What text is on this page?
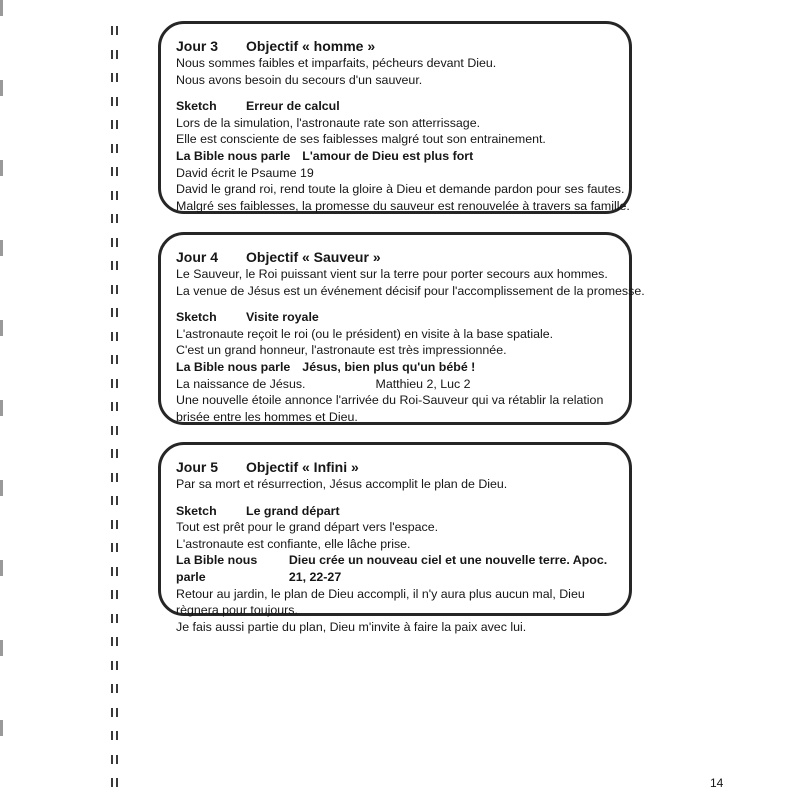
Jour 3	Objectif « homme »
Nous sommes faibles et imparfaits, pécheurs devant Dieu.
Nous avons besoin du secours d'un sauveur.
Sketch	Erreur de calcul
Lors de la simulation, l'astronaute rate son atterrissage.
Elle est consciente de ses faiblesses malgré tout son entrainement.
La Bible nous parle L'amour de Dieu est plus fort
David écrit le Psaume 19
David le grand roi, rend toute la gloire à Dieu et demande pardon pour ses fautes.
Malgré ses faiblesses, la promesse du sauveur est renouvelée à travers sa famille.
Jour 4	Objectif « Sauveur »
Le Sauveur, le Roi puissant vient sur la terre pour porter secours aux hommes.
La venue de Jésus est un événement décisif pour l'accomplissement de la promesse.
Sketch	Visite royale
L'astronaute reçoit le roi (ou le président) en visite à la base spatiale.
C'est un grand honneur, l'astronaute est très impressionnée.
La Bible nous parle Jésus, bien plus qu'un bébé !
La naissance de Jésus.	Matthieu 2, Luc 2
Une nouvelle étoile annonce l'arrivée du Roi-Sauveur qui va rétablir la relation brisée entre les hommes et Dieu.
Jour 5	Objectif « Infini »
Par sa mort et résurrection, Jésus accomplit le plan de Dieu.
Sketch	Le grand départ
Tout est prêt pour le grand départ vers l'espace.
L'astronaute est confiante, elle lâche prise.
La Bible nous parle
Dieu crée un nouveau ciel et une nouvelle terre. Apoc. 21, 22-27
Retour au jardin, le plan de Dieu accompli, il n'y aura plus aucun mal, Dieu règnera pour toujours.
Je fais aussi partie du plan, Dieu m'invite à faire la paix avec lui.
14
